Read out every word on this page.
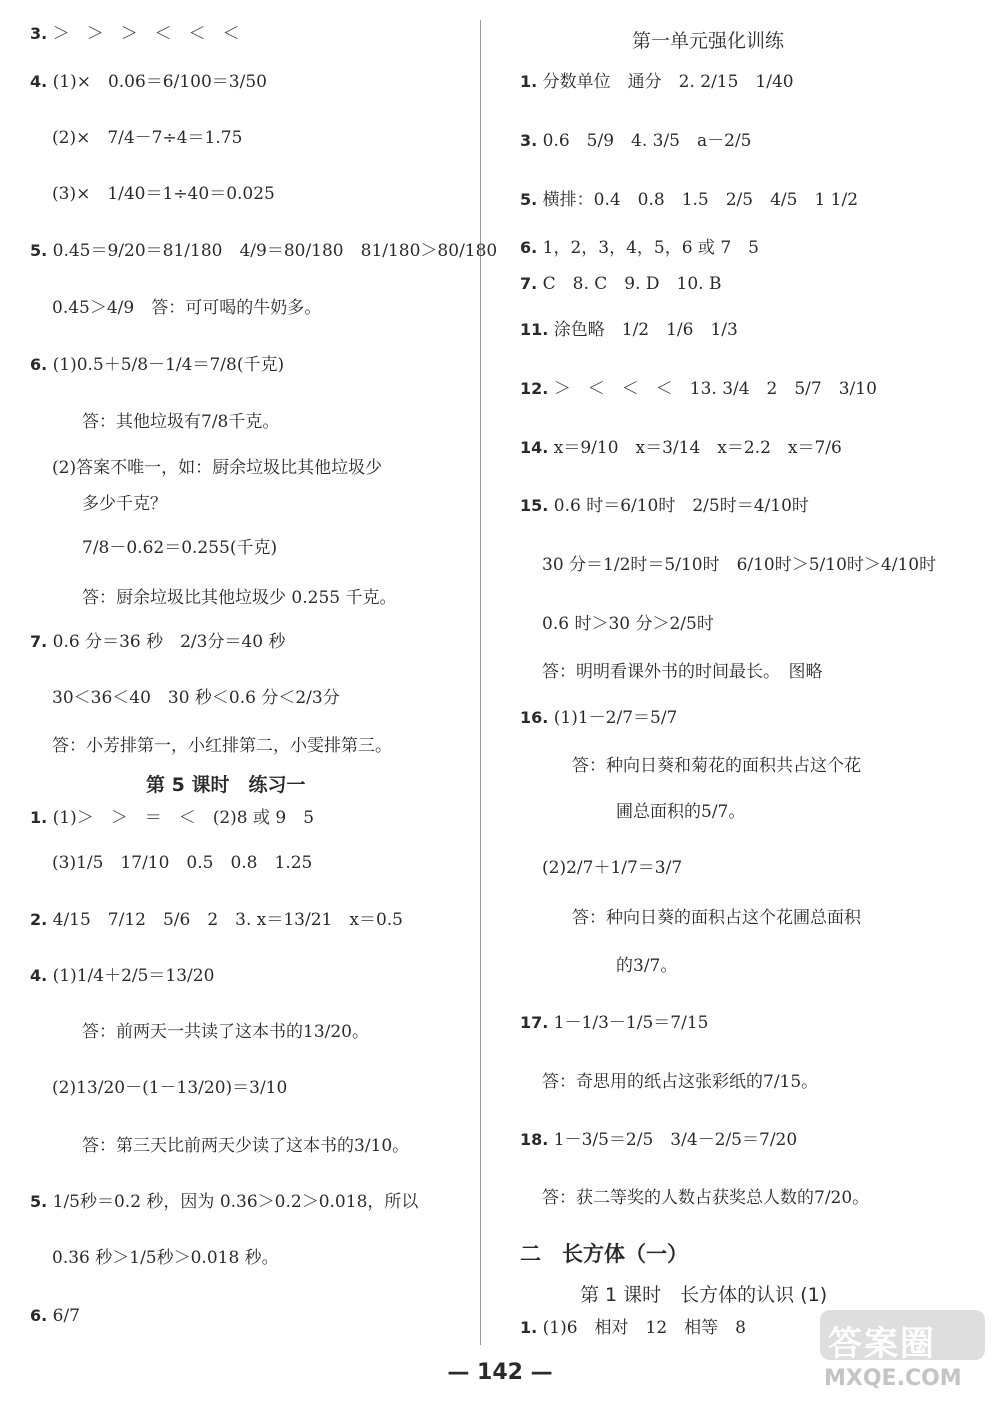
3. ＞　＞　＞　＜　＜　＜
4. (1)×　0.06＝6/100＝3/50
(2)×　7/4－7÷4＝1.75
(3)×　1/40＝1÷40＝0.025
5. 0.45＝9/20＝81/180　4/9＝80/180　81/180＞80/180
0.45＞4/9　答：可可喝的牛奶多。
6. (1)0.5＋5/8－1/4＝7/8(千克)
答：其他垃圾有7/8千克。
(2)答案不唯一，如：厨余垃圾比其他垃圾少
多少千克？
7/8－0.62＝0.255(千克)
答：厨余垃圾比其他垃圾少 0.255 千克。
7. 0.6 分＝36 秒　2/3分＝40 秒
30＜36＜40　30 秒＜0.6 分＜2/3分
答：小芳排第一，小红排第二，小雯排第三。
1. (1)＞　＞　＝　＜　(2)8 或 9　5
(3)1/5　17/10　0.5　0.8　1.25
2. 4/15　7/12　5/6　2　3. x＝13/21　x＝0.5
4. (1)1/4＋2/5＝13/20
答：前两天一共读了这本书的13/20。
(2)13/20－(1－13/20)＝3/10
答：第三天比前两天少读了这本书的3/10。
5. 1/5秒＝0.2 秒，因为 0.36＞0.2＞0.018，所以
0.36 秒＞1/5秒＞0.018 秒。
6. 6/7
1. 分数单位　通分　2. 2/15　1/40
3. 0.6　5/9　4. 3/5　a－2/5
5. 横排：0.4　0.8　1.5　2/5　4/5　1 1/2
6. 1，2，3，4，5，6 或 7　5
7. C　8. C　9. D　10. B
11. 涂色略　1/2　1/6　1/3
12. ＞　＜　＜　＜　13. 3/4　2　5/7　3/10
14. x＝9/10　x＝3/14　x＝2.2　x＝7/6
15. 0.6 时＝6/10时　2/5时＝4/10时
30 分＝1/2时＝5/10时　6/10时＞5/10时＞4/10时
0.6 时＞30 分＞2/5时
答：明明看课外书的时间最长。　图略
16. (1)1－2/7＝5/7
答：种向日葵和菊花的面积共占这个花
圃总面积的5/7。
(2)2/7＋1/7＝3/7
答：种向日葵的面积占这个花圃总面积
的3/7。
17. 1－1/3－1/5＝7/15
答：奇思用的纸占这张彩纸的7/15。
18. 1－3/5＝2/5　3/4－2/5＝7/20
答：获二等奖的人数占获奖总人数的7/20。
1. (1)6　相对　12　相等　8
第一单元强化训练
第 5 课时　练习一
二　长方体（一）
第 1 课时　长方体的认识 (1)
— 142 —
答案圈
MXQE.COM
